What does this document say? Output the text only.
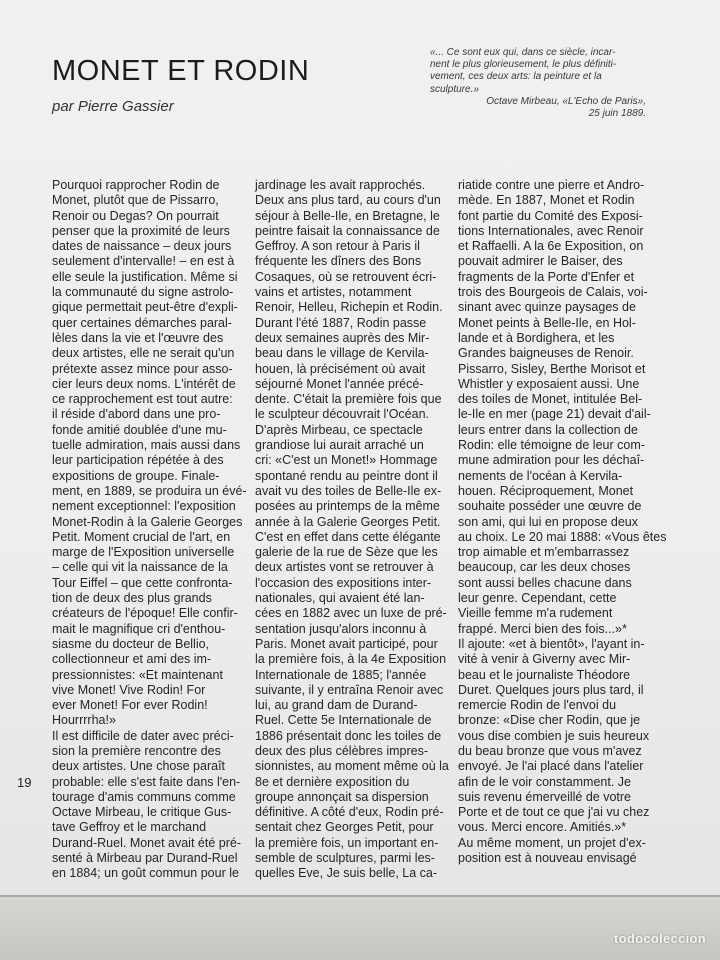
MONET ET RODIN
par Pierre Gassier
«... Ce sont eux qui, dans ce siècle, incar-
nent le plus glorieusement, le plus définiti-
vement, ces deux arts: la peinture et la
sculpture.»
Octave Mirbeau, «L'Echo de Paris»,
25 juin 1889.
Pourquoi rapprocher Rodin de
Monet, plutôt que de Pissarro,
Renoir ou Degas? On pourrait
penser que la proximité de leurs
dates de naissance – deux jours
seulement d'intervalle! – en est à
elle seule la justification. Même si
la communauté du signe astrolo-
gique permettait peut-être d'expli-
quer certaines démarches paral-
lèles dans la vie et l'œuvre des
deux artistes, elle ne serait qu'un
prétexte assez mince pour asso-
cier leurs deux noms. L'intérêt de
ce rapprochement est tout autre:
il réside d'abord dans une pro-
fonde amitié doublée d'une mu-
tuelle admiration, mais aussi dans
leur participation répétée à des
expositions de groupe. Finale-
ment, en 1889, se produira un évé-
nement exceptionnel: l'exposition
Monet-Rodin à la Galerie Georges
Petit. Moment crucial de l'art, en
marge de l'Exposition universelle
– celle qui vit la naissance de la
Tour Eiffel – que cette confronta-
tion de deux des plus grands
créateurs de l'époque! Elle confir-
mait le magnifique cri d'enthou-
siasme du docteur de Bellio,
collectionneur et ami des im-
pressionnistes: «Et maintenant
vive Monet! Vive Rodin! For
ever Monet! For ever Rodin!
Hourrrrha!»
Il est difficile de dater avec préci-
sion la première rencontre des
deux artistes. Une chose paraît
probable: elle s'est faite dans l'en-
tourage d'amis communs comme
Octave Mirbeau, le critique Gus-
tave Geffroy et le marchand
Durand-Ruel. Monet avait été pré-
senté à Mirbeau par Durand-Ruel
en 1884; un goût commun pour le
jardinage les avait rapprochés.
Deux ans plus tard, au cours d'un
séjour à Belle-Ile, en Bretagne, le
peintre faisait la connaissance de
Geffroy. A son retour à Paris il
fréquente les dîners des Bons
Cosaques, où se retrouvent écri-
vains et artistes, notamment
Renoir, Helleu, Richepin et Rodin.
Durant l'été 1887, Rodin passe
deux semaines auprès des Mir-
beau dans le village de Kervila-
houen, là précisément où avait
séjourné Monet l'année précé-
dente. C'était la première fois que
le sculpteur découvrait l'Océan.
D'après Mirbeau, ce spectacle
grandiose lui aurait arraché un
cri: «C'est un Monet!» Hommage
spontané rendu au peintre dont il
avait vu des toiles de Belle-Ile ex-
posées au printemps de la même
année à la Galerie Georges Petit.
C'est en effet dans cette élégante
galerie de la rue de Sèze que les
deux artistes vont se retrouver à
l'occasion des expositions inter-
nationales, qui avaient été lan-
cées en 1882 avec un luxe de pré-
sentation jusqu'alors inconnu à
Paris. Monet avait participé, pour
la première fois, à la 4e Exposition
Internationale de 1885; l'année
suivante, il y entraîna Renoir avec
lui, au grand dam de Durand-
Ruel. Cette 5e Internationale de
1886 présentait donc les toiles de
deux des plus célèbres impres-
sionnistes, au moment même où la
8e et dernière exposition du
groupe annonçait sa dispersion
définitive. A côté d'eux, Rodin pré-
sentait chez Georges Petit, pour
la première fois, un important en-
semble de sculptures, parmi les-
quelles Eve, Je suis belle, La ca-
riatide contre une pierre et Andro-
mède. En 1887, Monet et Rodin
font partie du Comité des Exposi-
tions Internationales, avec Renoir
et Raffaelli. A la 6e Exposition, on
pouvait admirer le Baiser, des
fragments de la Porte d'Enfer et
trois des Bourgeois de Calais, voi-
sinant avec quinze paysages de
Monet peints à Belle-Ile, en Hol-
lande et à Bordighera, et les
Grandes baigneuses de Renoir.
Pissarro, Sisley, Berthe Morisot et
Whistler y exposaient aussi. Une
des toiles de Monet, intitulée Bel-
le-Ile en mer (page 21) devait d'ail-
leurs entrer dans la collection de
Rodin: elle témoigne de leur com-
mune admiration pour les déchaî-
nements de l'océan à Kervila-
houen. Réciproquement, Monet
souhaite posséder une œuvre de
son ami, qui lui en propose deux
au choix. Le 20 mai 1888: «Vous êtes
trop aimable et m'embarrassez
beaucoup, car les deux choses
sont aussi belles chacune dans
leur genre. Cependant, cette
Vieille femme m'a rudement
frappé. Merci bien des fois...»*
Il ajoute: «et à bientôt», l'ayant in-
vité à venir à Giverny avec Mir-
beau et le journaliste Théodore
Duret. Quelques jours plus tard, il
remercie Rodin de l'envoi du
bronze: «Dise cher Rodin, que je
vous dise combien je suis heureux
du beau bronze que vous m'avez
envoyé. Je l'ai placé dans l'atelier
afin de le voir constamment. Je
suis revenu émerveillé de votre
Porte et de tout ce que j'ai vu chez
vous. Merci encore. Amitiés.»*
Au même moment, un projet d'ex-
position est à nouveau envisagé
19
todocoleccion
